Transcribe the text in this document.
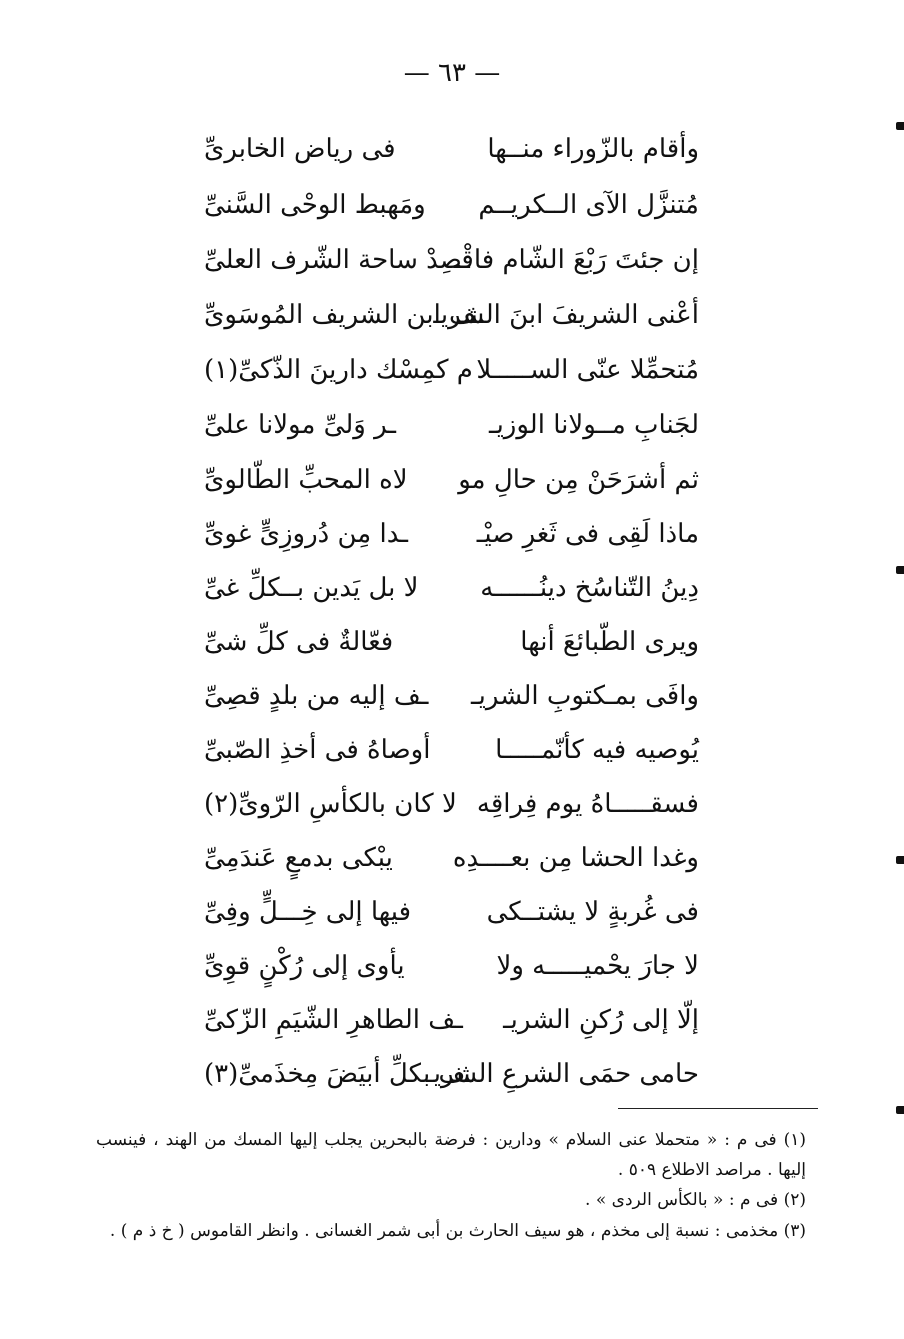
— ٦٣ —
وأقام بالزّوراء منــها
فى رياض الخابرىِّ
مُتنزَّل الآى الــكريــم
ومَهبط الوحْى السَّنىِّ
إن جئتَ رَبْعَ الشّام فاقْـ
ـصِدْ ساحة الشّرف العلىِّ
أعْنى الشريفَ ابنَ الشريـ
ـف ابن الشريف المُوسَوىِّ
مُتحمِّلا عنّى الســـــلا
م كمِسْك دارينَ الذّكىِّ(١)
لجَنابِ مــولانا الوزيـ
ـر وَلىِّ مولانا علىِّ
ثم أشرَحَنْ مِن حالِ مو
لاه المحبِّ الطّالوىِّ
ماذا لَقِى فى ثَغرِ صيْـ
ـدا مِن دُروزِىٍّ غوىِّ
دِينُ التّناسُخ دينُــــــه
لا بل يَدين بــكلِّ غىِّ
ويرى الطّبائعَ أنها
فعّالةٌ فى كلِّ شىِّ
وافَى بمـكتوبِ الشريـ
ـف إليه من بلدٍ قصِىِّ
يُوصيه فيه كأنّمـــــا
أوصاهُ فى أخذِ الصّبىِّ
فسقـــــاهُ يوم فِراقِه
لا كان بالكأسِ الرّوىِّ(٢)
وغدا الحشا مِن بعــــدِه
يبْكى بدمعٍ عَندَمِىِّ
فى غُربةٍ لا يشتــكى
فيها إلى خِـــلٍّ وفِىِّ
لا جارَ يحْميـــــه ولا
يأوى إلى رُكْنٍ قوِىِّ
إلّا إلى رُكنِ الشريـ
ـف الطاهرِ الشّيَمِ الزّكىِّ
حامى حمَى الشرعِ الشريـ
ـف بكلِّ أبيَضَ مِخذَمىِّ(٣)
(١) فى م : « متحملا عنى السلام » ودارين : فرضة بالبحرين يجلب إليها المسك من الهند ، فينسب إليها . مراصد الاطلاع ٥٠٩ .
(٢) فى م : « بالكأس الردى » .
(٣) مخذمى : نسبة إلى مخذم ، هو سيف الحارث بن أبى شمر الغسانى . وانظر القاموس ( خ ذ م ) .
